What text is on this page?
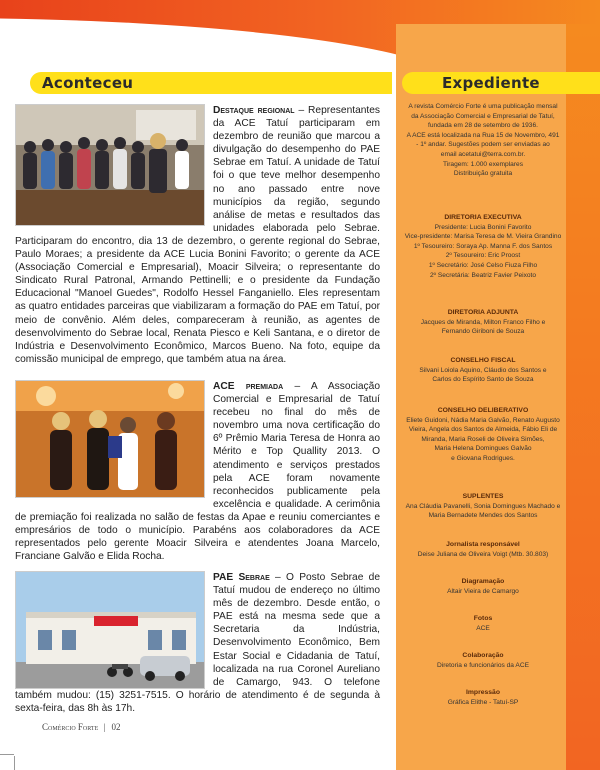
Aconteceu	Expediente
Destaque regional – Representantes da ACE Tatuí participaram em dezembro de reunião que marcou a divulgação do desempenho do PAE Sebrae em Tatuí. A unidade de Tatuí foi o que teve melhor desempenho no ano passado entre nove municípios da região, segundo análise de metas e resultados das unidades elaborada pelo Sebrae. Participaram do encontro, dia 13 de dezembro, o gerente regional do Sebrae, Paulo Moraes; a presidente da ACE Lucia Bonini Favorito; o gerente da ACE (Associação Comercial e Empresarial), Moacir Silveira; o representante do Sindicato Rural Patronal, Armando Pettinelli; e o presidente da Fundação Educacional "Manoel Guedes", Rodolfo Hessel Fanganiello. Eles representam as quatro entidades parceiras que viabilizaram a formação do PAE em Tatuí, por meio de convênio. Além deles, compareceram à reunião, as agentes de desenvolvimento do Sebrae local, Renata Piesco e Keli Santana, e o diretor de Indústria e Desenvolvimento Econômico, Marcos Bueno. Na foto, equipe da comissão municipal de emprego, que também atua na área.
ACE premiada – A Associação Comercial e Empresarial de Tatuí recebeu no final do mês de novembro uma nova certificação do 6º Prêmio Maria Teresa de Honra ao Mérito e Top Quallity 2013. O atendimento e serviços prestados pela ACE foram novamente reconhecidos publicamente pela excelência e qualidade. A cerimônia de premiação foi realizada no salão de festas da Apae e reuniu comerciantes e empresários de todo o município. Parabéns aos colaboradores da ACE representados pelo gerente Moacir Silveira e atendentes Joana Marcelo, Franciane Galvão e Elida Rocha.
PAE Sebrae – O Posto Sebrae de Tatuí mudou de endereço no último mês de dezembro. Desde então, o PAE está na mesma sede que a Secretaria da Indústria, Desenvolvimento Econômico, Bem Estar Social e Cidadania de Tatuí, localizada na rua Coronel Aureliano de Camargo, 943. O telefone também mudou: (15) 3251-7515. O horário de atendimento é de segunda à sexta-feira, das 8h às 17h.
A revista Comércio Forte é uma publicação mensal
da Associação Comercial e Empresarial de Tatuí,
fundada em 28 de setembro de 1936.
A ACE está localizada na Rua 15 de Novembro, 491
- 1º andar. Sugestões podem ser enviadas ao
email acetatui@terra.com.br.
Tiragem: 1.000 exemplares
Distribuição gratuita
DIRETORIA EXECUTIVA
Presidente: Lucia Bonini Favorito
Vice-presidente: Marisa Teresa de M. Vieira Grandino
1º Tesoureiro: Soraya Ap. Manna F. dos Santos
2º Tesoureiro: Eric Proost
1º Secretário: José Celso Fiuza Filho
2º Secretária: Beatriz Favier Peixoto
DIRETORIA ADJUNTA
Jacques de Miranda, Milton Franco Filho e
Fernando Giriboni de Souza
CONSELHO FISCAL
Silvani Loiola Aquino, Cláudio dos Santos e
Carlos do Espírito Santo de Souza
CONSELHO DELIBERATIVO
Eliete Guidoni, Nádia Maria Galvão, Renato Augusto
Vieira, Angela dos Santos de Almeida, Fábio Eli de
Miranda, Maria Roseli de Oliveira Simões,
Maria Helena Domingues Galvão
e Giovana Rodrigues.
SUPLENTES
Ana Cláudia Pavanelli, Sonia Domingues Machado e
Maria Bernadete Mendes dos Santos
Jornalista responsável
Deise Juliana de Oliveira Voigt (Mtb. 30.803)
Diagramação
Altair Vieira de Camargo
Fotos
ACE
Colaboração
Diretoria e funcionários da ACE
Impressão
Gráfica Elithe - Tatuí-SP
Comércio Forte | 02
